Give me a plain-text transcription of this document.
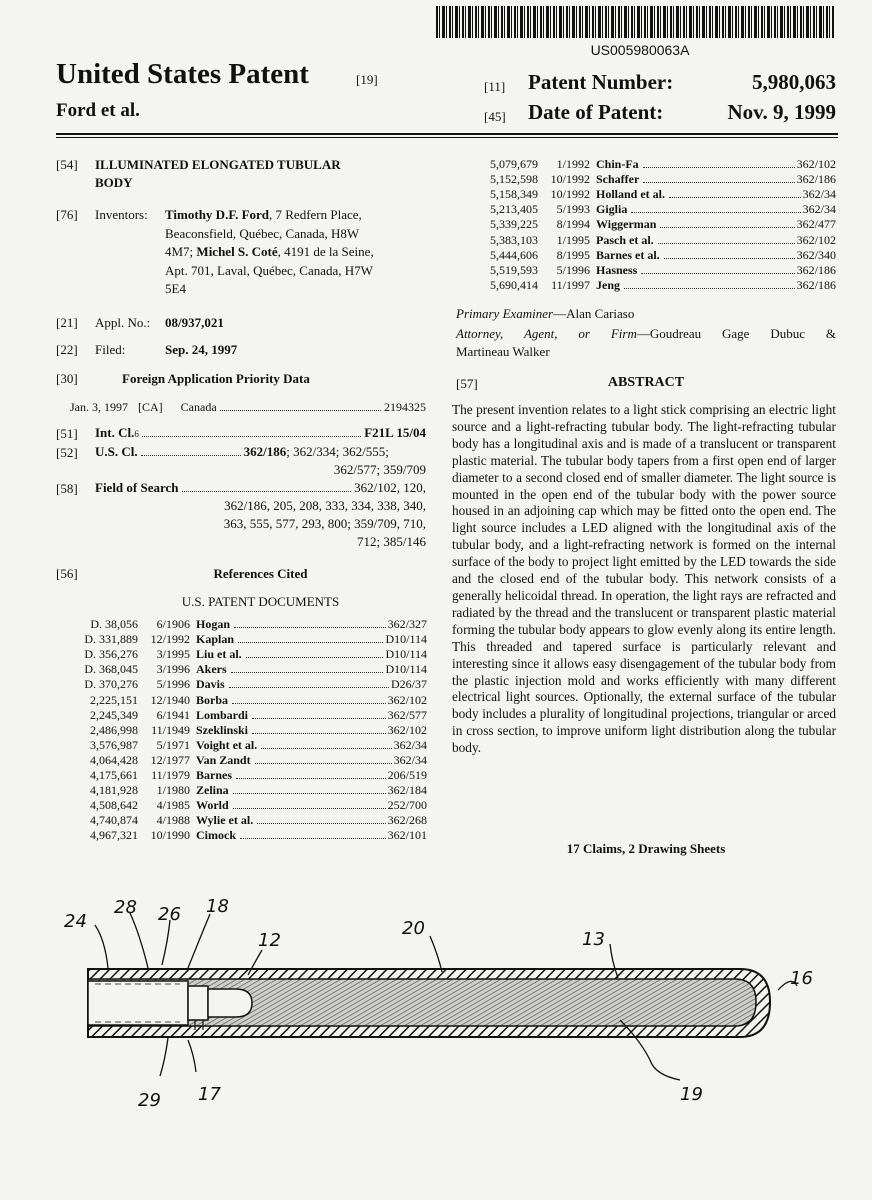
US005980063A
United States Patent	[19]
Ford et al.
[11] Patent Number:	5,980,063
[45] Date of Patent:	Nov. 9, 1999
[54] ILLUMINATED ELONGATED TUBULAR
BODY
[76] Inventors: Timothy D.F. Ford, 7 Redfern Place,
Beaconsfield, Québec, Canada, H8W
4M7; Michel S. Coté, 4191 de la Seine,
Apt. 701, Laval, Québec, Canada, H7W
5E4
[21] Appl. No.: 08/937,021
[22] Filed:	Sep. 24, 1997
[30]	Foreign Application Priority Data
Jan. 3, 1997 [CA] Canada	2194325
[51] Int. Cl. 6	F21L 15/04
[52] U.S. Cl.	362/186; 362/334; 362/555;
362/577; 359/709
[58] Field of Search	362/102, 120,
362/186, 205, 208, 333, 334, 338, 340,
363, 555, 577, 293, 800; 359/709, 710,
712; 385/146
[56]	References Cited
U.S. PATENT DOCUMENTS
D. 38,056	6/1906	Hogan 362/327

D. 331,889	12/1992	Kaplan D10/114

D. 356,276	3/1995	Liu et al. D10/114

D. 368,045	3/1996	Akers D10/114

D. 370,276	5/1996	Davis D26/37

2,225,151	12/1940	Borba 362/102

2,245,349	6/1941	Lombardi 362/577

2,486,998	11/1949	Szeklinski 362/102

3,576,987	5/1971	Voight et al. 362/34

4,064,428	12/1977	Van Zandt 362/34

4,175,661	11/1979	Barnes 206/519

4,181,928	1/1980	Zelina 362/184

4,508,642	4/1985	World 252/700

4,740,874	4/1988	Wylie et al. 362/268

4,967,321	10/1990	Cimock 362/101
5,079,679	1/1992	Chin-Fa 362/102

5,152,598	10/1992	Schaffer 362/186

5,158,349	10/1992	Holland et al. 362/34

5,213,405	5/1993	Giglia 362/34

5,339,225	8/1994	Wiggerman 362/477

5,383,103	1/1995	Pasch et al. 362/102

5,444,606	8/1995	Barnes et al. 362/340

5,519,593	5/1996	Hasness 362/186

5,690,414	11/1997	Jeng 362/186
Primary Examiner—Alan Cariaso
Attorney, Agent, or Firm—Goudreau Gage Dubuc &
Martineau Walker
[57]	ABSTRACT
The present invention relates to a light stick comprising an electric light source and a light-refracting tubular body. The light-refracting tubular body has a longitudinal axis and is made of a translucent or transparent plastic material. The tubular body tapers from a first open end of larger diameter to a second closed end of smaller diameter. The light source is mounted in the open end of the tubular body with the power source housed in an adjoining cap which may be fitted onto the open end. The light source includes a LED aligned with the longitudinal axis of the tubular body, and a light-refracting network is formed on the internal surface of the body to project light emitted by the LED towards the side and the closed end of the tubular body. This network consists of a generally helicoidal thread. In operation, the light rays are refracted and radiated by the thread and the translucent or transparent plastic material forming the tubular body appears to glow evenly along its entire length. This threaded and tapered surface is particularly relevant and interesting since it allows easy disengagement of the tubular body from the plastic injection mold and works efficiently with many different electrical light sources. Optionally, the external surface of the tubular body includes a plurality of longitudinal projections, triangular or arced in cross section, to improve uniform light distribution along the tubular body.
17 Claims, 2 Drawing Sheets
24
28 26 18
12
20
13
16
19
29 17
